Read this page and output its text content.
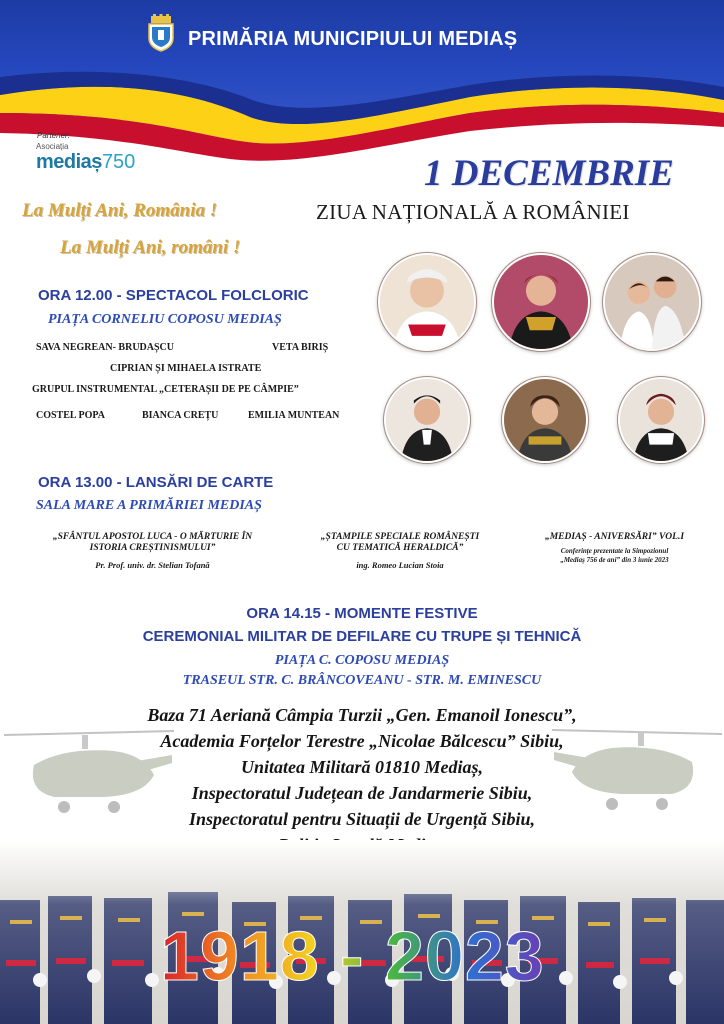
PRIMĂRIA MUNICIPIULUI MEDIAȘ
Partener:
Asociația
mediaș750	1 DECEMBRIE
ZIUA NAȚIONALĂ A ROMÂNIEI
La Mulți Ani, România !
La Mulți Ani, români !
ORA 12.00 - SPECTACOL FOLCLORIC
PIAȚA CORNELIU COPOSU MEDIAȘ
SAVA NEGREAN- BRUDAȘCU	VETA BIRIȘ
CIPRIAN ȘI MIHAELA ISTRATE
GRUPUL INSTRUMENTAL „CETERAȘII DE PE CÂMPIE”
COSTEL POPA	BIANCA CREȚU	EMILIA MUNTEAN
ORA 13.00 - LANSĂRI DE CARTE
SALA MARE A PRIMĂRIEI MEDIAȘ
„SFÂNTUL APOSTOL LUCA - O MĂRTURIE ÎN
ISTORIA CREȘTINISMULUI”
Pr. Prof. univ. dr. Stelian Tofană
„ȘTAMPILE SPECIALE ROMÂNEȘTI
CU TEMATICĂ HERALDICĂ”
ing. Romeo Lucian Stoia
„MEDIAȘ - ANIVERSĂRI” VOL.I
Conferințe prezentate la Simpozionul
„Mediaș 756 de ani” din 3 iunie 2023
ORA 14.15 - MOMENTE FESTIVE
CEREMONIAL MILITAR DE DEFILARE CU TRUPE ȘI TEHNICĂ
PIAȚA C. COPOSU MEDIAȘ
TRASEUL STR. C. BRÂNCOVEANU - STR. M. EMINESCU
Baza 71 Aeriană Câmpia Turzii „Gen. Emanoil Ionescu”,
Academia Forțelor Terestre „Nicolae Bălcescu” Sibiu,
Unitatea Militară 01810 Mediaș,
Inspectoratul Județean de Jandarmerie Sibiu,
Inspectoratul pentru Situații de Urgență Sibiu,
1918 - 2023
